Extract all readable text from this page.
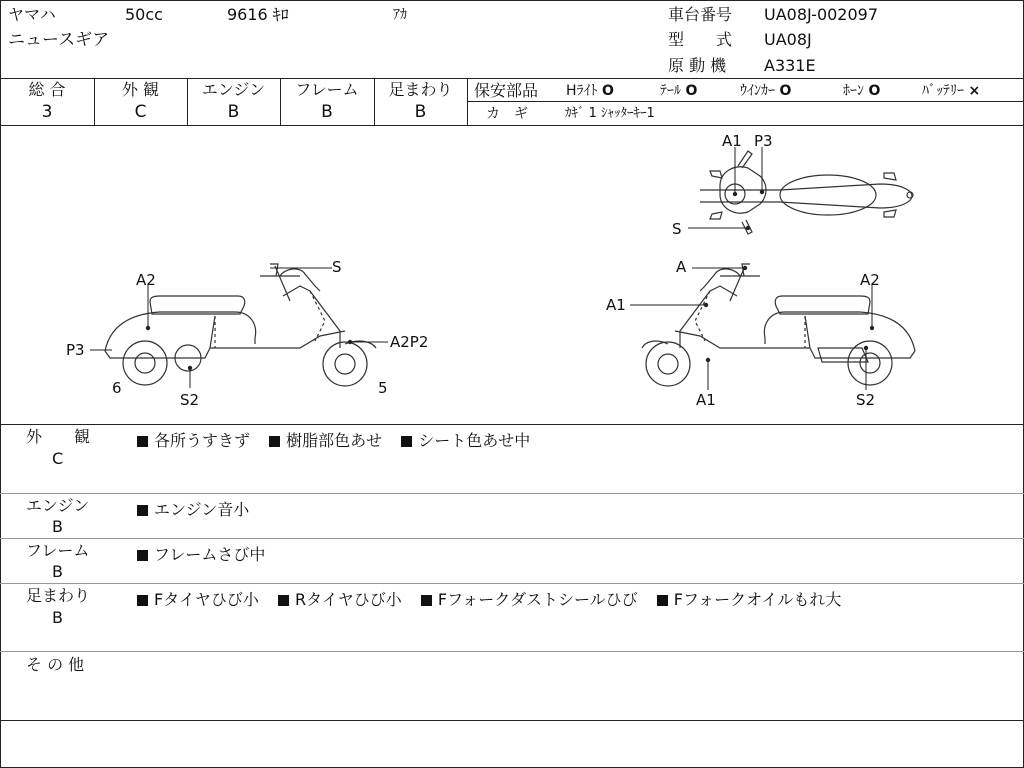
ヤマハ	50cc	9616 ｷﾛ	ｱｶ
ニュースギア
車台番号 UA08J-002097
型　　式 UA08J
原 動 機 A331E
総 合	外 観	エンジン	フレーム	足まわり
3	C	B	B	B
保安部品 Hﾗｲﾄ O	ﾃｰﾙ O	ｳｲﾝｶｰ O	ﾎｰﾝ O	ﾊﾞｯﾃﾘｰ ×
カ　ギ	ｶｷﾞ 1 ｼｬｯﾀｰｷｰ1
S
A2
P3	A2P2
6
S2
5
A
A1
A2
A1	S2
A1 P3
S
外　　観
C
各所うすきず 樹脂部色あせ シート色あせ中
エンジン
B
エンジン音小
フレーム
B
フレームさび中
足まわり
B
Fタイヤひび小 Rタイヤひび小 Fフォークダストシールひび Fフォークオイルもれ大
そ の 他
